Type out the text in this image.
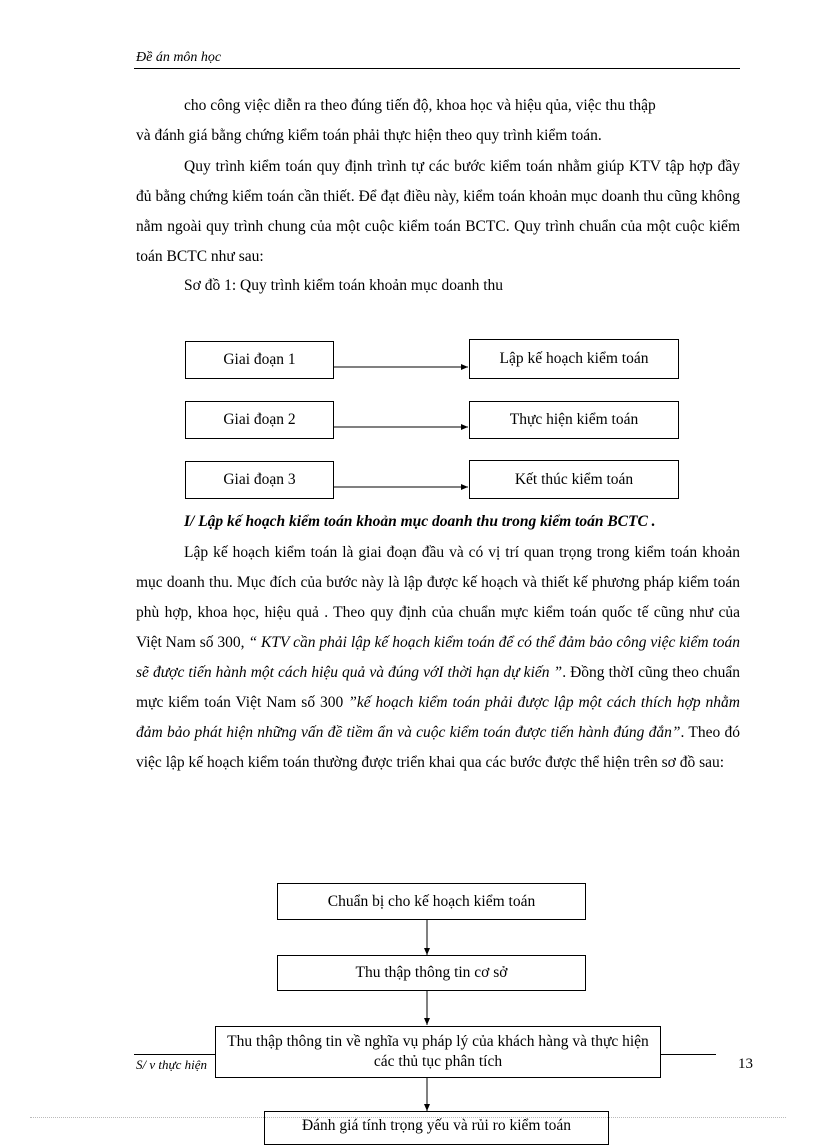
Đề án môn học
cho công việc diễn ra theo đúng tiến độ, khoa học và hiệu qủa, việc thu thập
và đánh giá bằng chứng kiểm toán phải thực hiện theo quy trình kiểm toán.
Quy trình kiểm toán quy định trình tự các bước kiểm toán nhằm giúp KTV tập hợp đầy đủ bằng chứng kiểm toán cần thiết. Để đạt điều này, kiểm toán khoản mục doanh thu cũng không nằm ngoài quy trình chung của một cuộc kiểm toán BCTC. Quy trình chuẩn của một cuộc kiểm toán BCTC như sau:
Sơ đồ 1: Quy trình kiểm toán khoản mục doanh thu
Giai đoạn 1
Giai đoạn 2
Giai đoạn 3
Lập kế hoạch kiểm toán
Thực hiện kiểm toán
Kết thúc kiểm toán
I/ Lập kế hoạch kiểm toán khoản mục doanh thu trong kiểm toán BCTC .
Lập kế hoạch kiểm toán là giai đoạn đầu và có vị trí quan trọng trong kiểm toán khoản mục doanh thu. Mục đích của bước này là lập được kế hoạch và thiết kế phương pháp kiểm toán phù hợp, khoa học, hiệu quả . Theo quy định của chuẩn mực kiểm toán quốc tế cũng như của Việt Nam số 300, “ KTV cần phải lập kế hoạch kiểm toán để có thể đảm bảo công việc kiểm toán sẽ được tiến hành một cách hiệu quả và đúng vớI thời hạn dự kiến ”. Đồng thờI cũng theo chuẩn mực kiểm toán Việt Nam số 300 ”kế hoạch kiểm toán phải được lập một cách thích hợp nhằm đảm bảo phát hiện những vấn đề tiềm ẩn và cuộc kiểm toán được tiến hành đúng đắn”. Theo đó việc lập kế hoạch kiểm toán thường được triển khai qua các bước được thể hiện trên sơ đồ sau:
Chuẩn bị cho kế hoạch kiểm toán
Thu thập thông tin cơ sở
Thu thập thông tin về nghĩa vụ pháp lý của khách hàng và thực hiện các thủ tục phân tích
Đánh giá tính trọng yếu và rủi ro kiểm toán
S/ v thực hiện	13
